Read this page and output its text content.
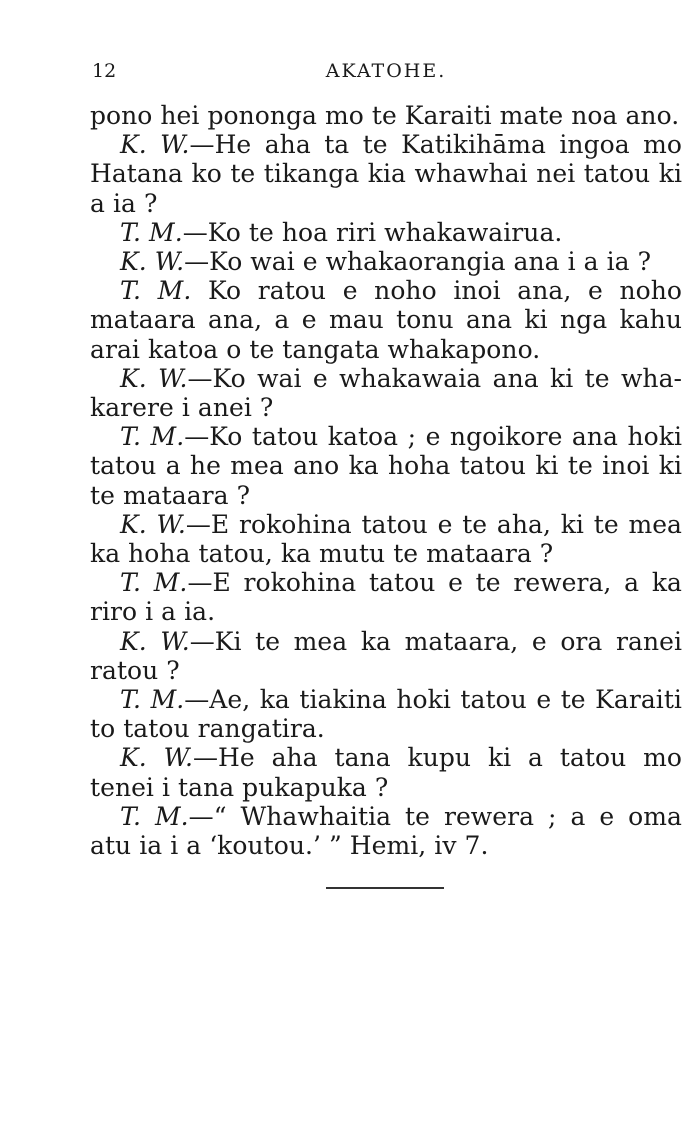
12	AKATOHE.

pono hei pononga mo te Karaiti mate noa ano.

K. W.—He aha ta te Katikihāma ingoa mo Hatana ko te tikanga kia whawhai nei tatou ki a ia ?

T. M.—Ko te hoa riri whakawairua.

K. W.—Ko wai e whakaorangia ana i a ia ?

T. M. Ko ratou e noho inoi ana, e noho mataara ana, a e mau tonu ana ki nga kahu arai katoa o te tangata whakapono.

K. W.—Ko wai e whakawaia ana ki te whakarere i anei ?

T. M.—Ko tatou katoa ; e ngoikore ana hoki tatou a he mea ano ka hoha tatou ki te inoi ki te mataara ?

K. W.—E rokohina tatou e te aha, ki te mea ka hoha tatou, ka mutu te mataara ?

T. M.—E rokohina tatou e te rewera, a ka riro i a ia.

K. W.—Ki te mea ka mataara, e ora ranei ratou ?

T. M.—Ae, ka tiakina hoki tatou e te Karaiti to tatou rangatira.

K. W.—He aha tana kupu ki a tatou mo tenei i tana pukapuka ?

T. M.—“ Whawhaitia te rewera ; a e oma atu ia i a ‘koutou.’ ” Hemi, iv 7.
